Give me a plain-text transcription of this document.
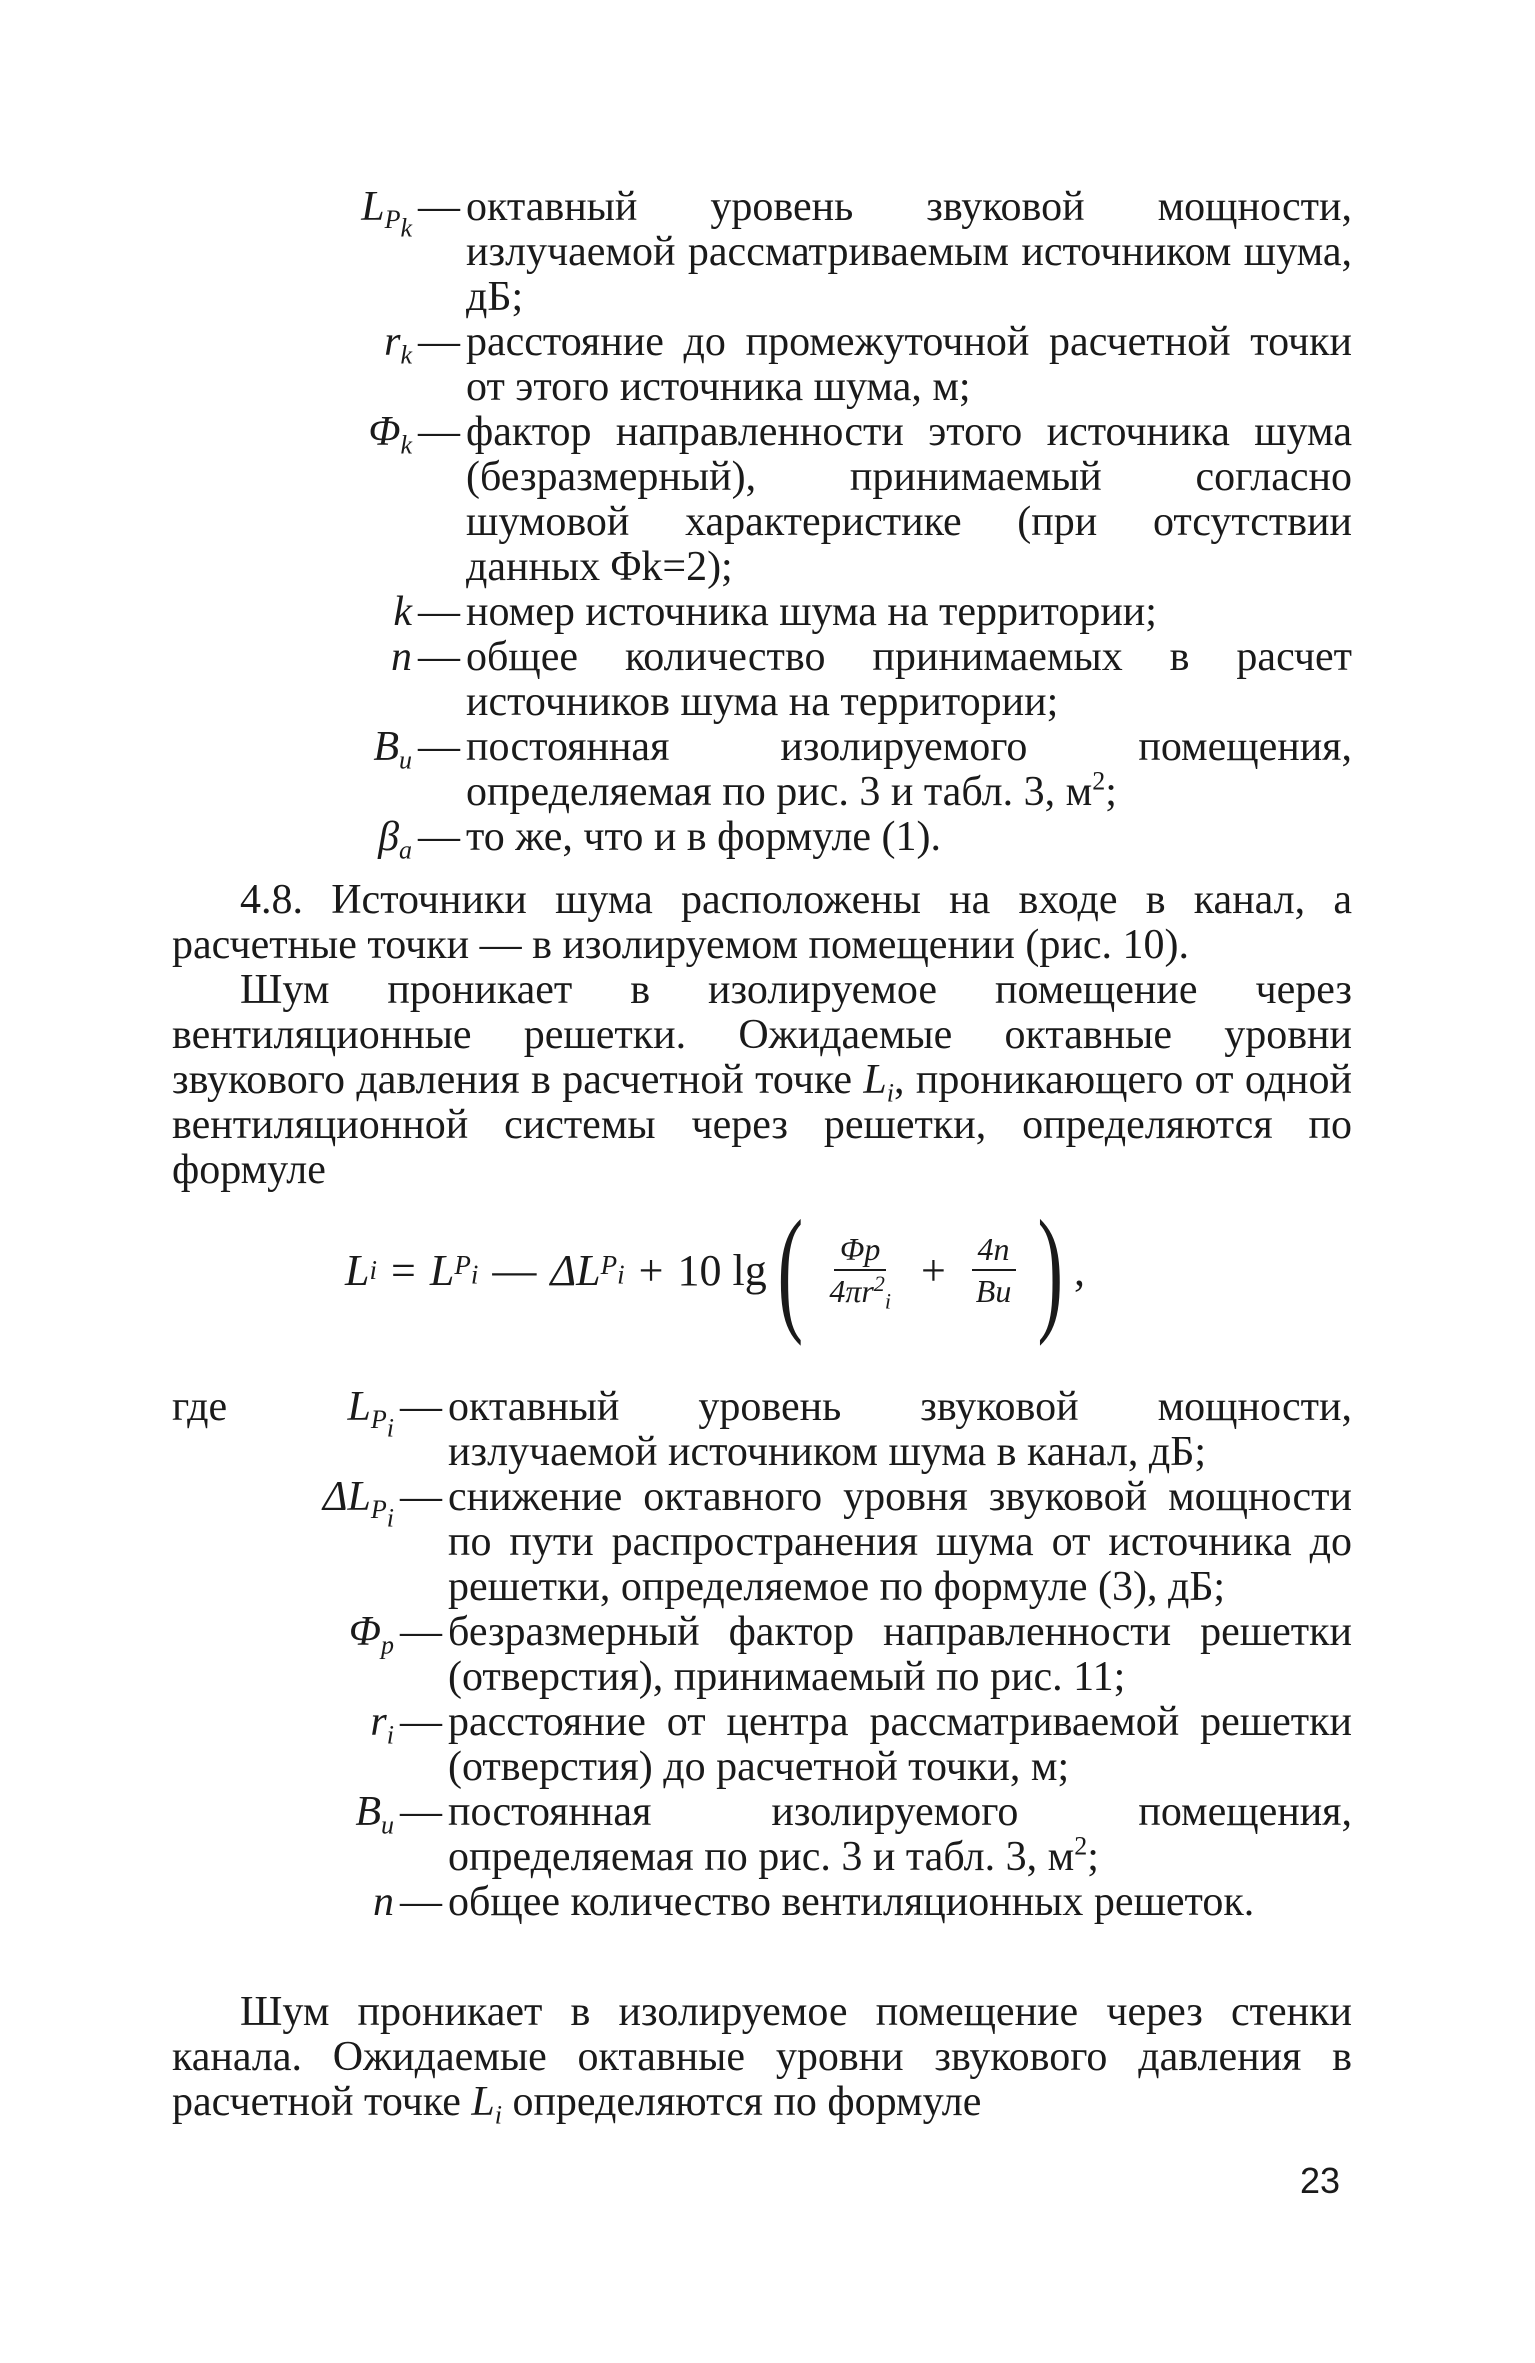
$L_{P_k}$ — октавный уровень звуковой мощности, излучаемой рассматриваемым источником шума, дБ;
$r_k$ — расстояние до промежуточной расчетной точки от этого источника шума, м;
$\Phi_k$ — фактор направленности этого источника шума (безразмерный), принимаемый согласно шумовой характеристике (при отсутствии данных Φk=2);
k — номер источника шума на территории;
n — общее количество принимаемых в расчет источников шума на территории;
$B_и$ — постоянная изолируемого помещения, определяемая по рис. 3 и табл. 3, $м^2$;
$\beta_а$ — то же, что и в формуле (1).
4.8. Источники шума расположены на входе в канал, а расчетные точки — в изолируемом помещении (рис. 10).
Шум проникает в изолируемое помещение через вентиляционные решетки. Ожидаемые октавные уровни звукового давления в расчетной точке $L_i$, проникающего от одной вентиляционной системы через решетки, определяются по формуле
L i = L $P_i$ — ΔL $P_i + 10$ lg ( $\frac{\Phi р}{4\pi r^2_i} + \frac{4n}{Bи}$ ) ,
где	$L_{P_i}$ — октавный уровень звуковой мощности, излучаемой источником шума в канал, дБ;
$\Delta L_{P_i}$ — снижение октавного уровня звуковой мощности по пути распространения шума от источника до решетки, определяемое по формуле (3), дБ;
$\Phi_р$ — безразмерный фактор направленности решетки (отверстия), принимаемый по рис. 11;
$r_i$ — расстояние от центра рассматриваемой решетки (отверстия) до расчетной точки, м;
$B_и$ — постоянная изолируемого помещения, определяемая по рис. 3 и табл. 3, $м^2$;
n — общее количество вентиляционных решеток.
Шум проникает в изолируемое помещение через стенки канала. Ожидаемые октавные уровни звукового давления в расчетной точке $L_i$ определяются по формуле
23
